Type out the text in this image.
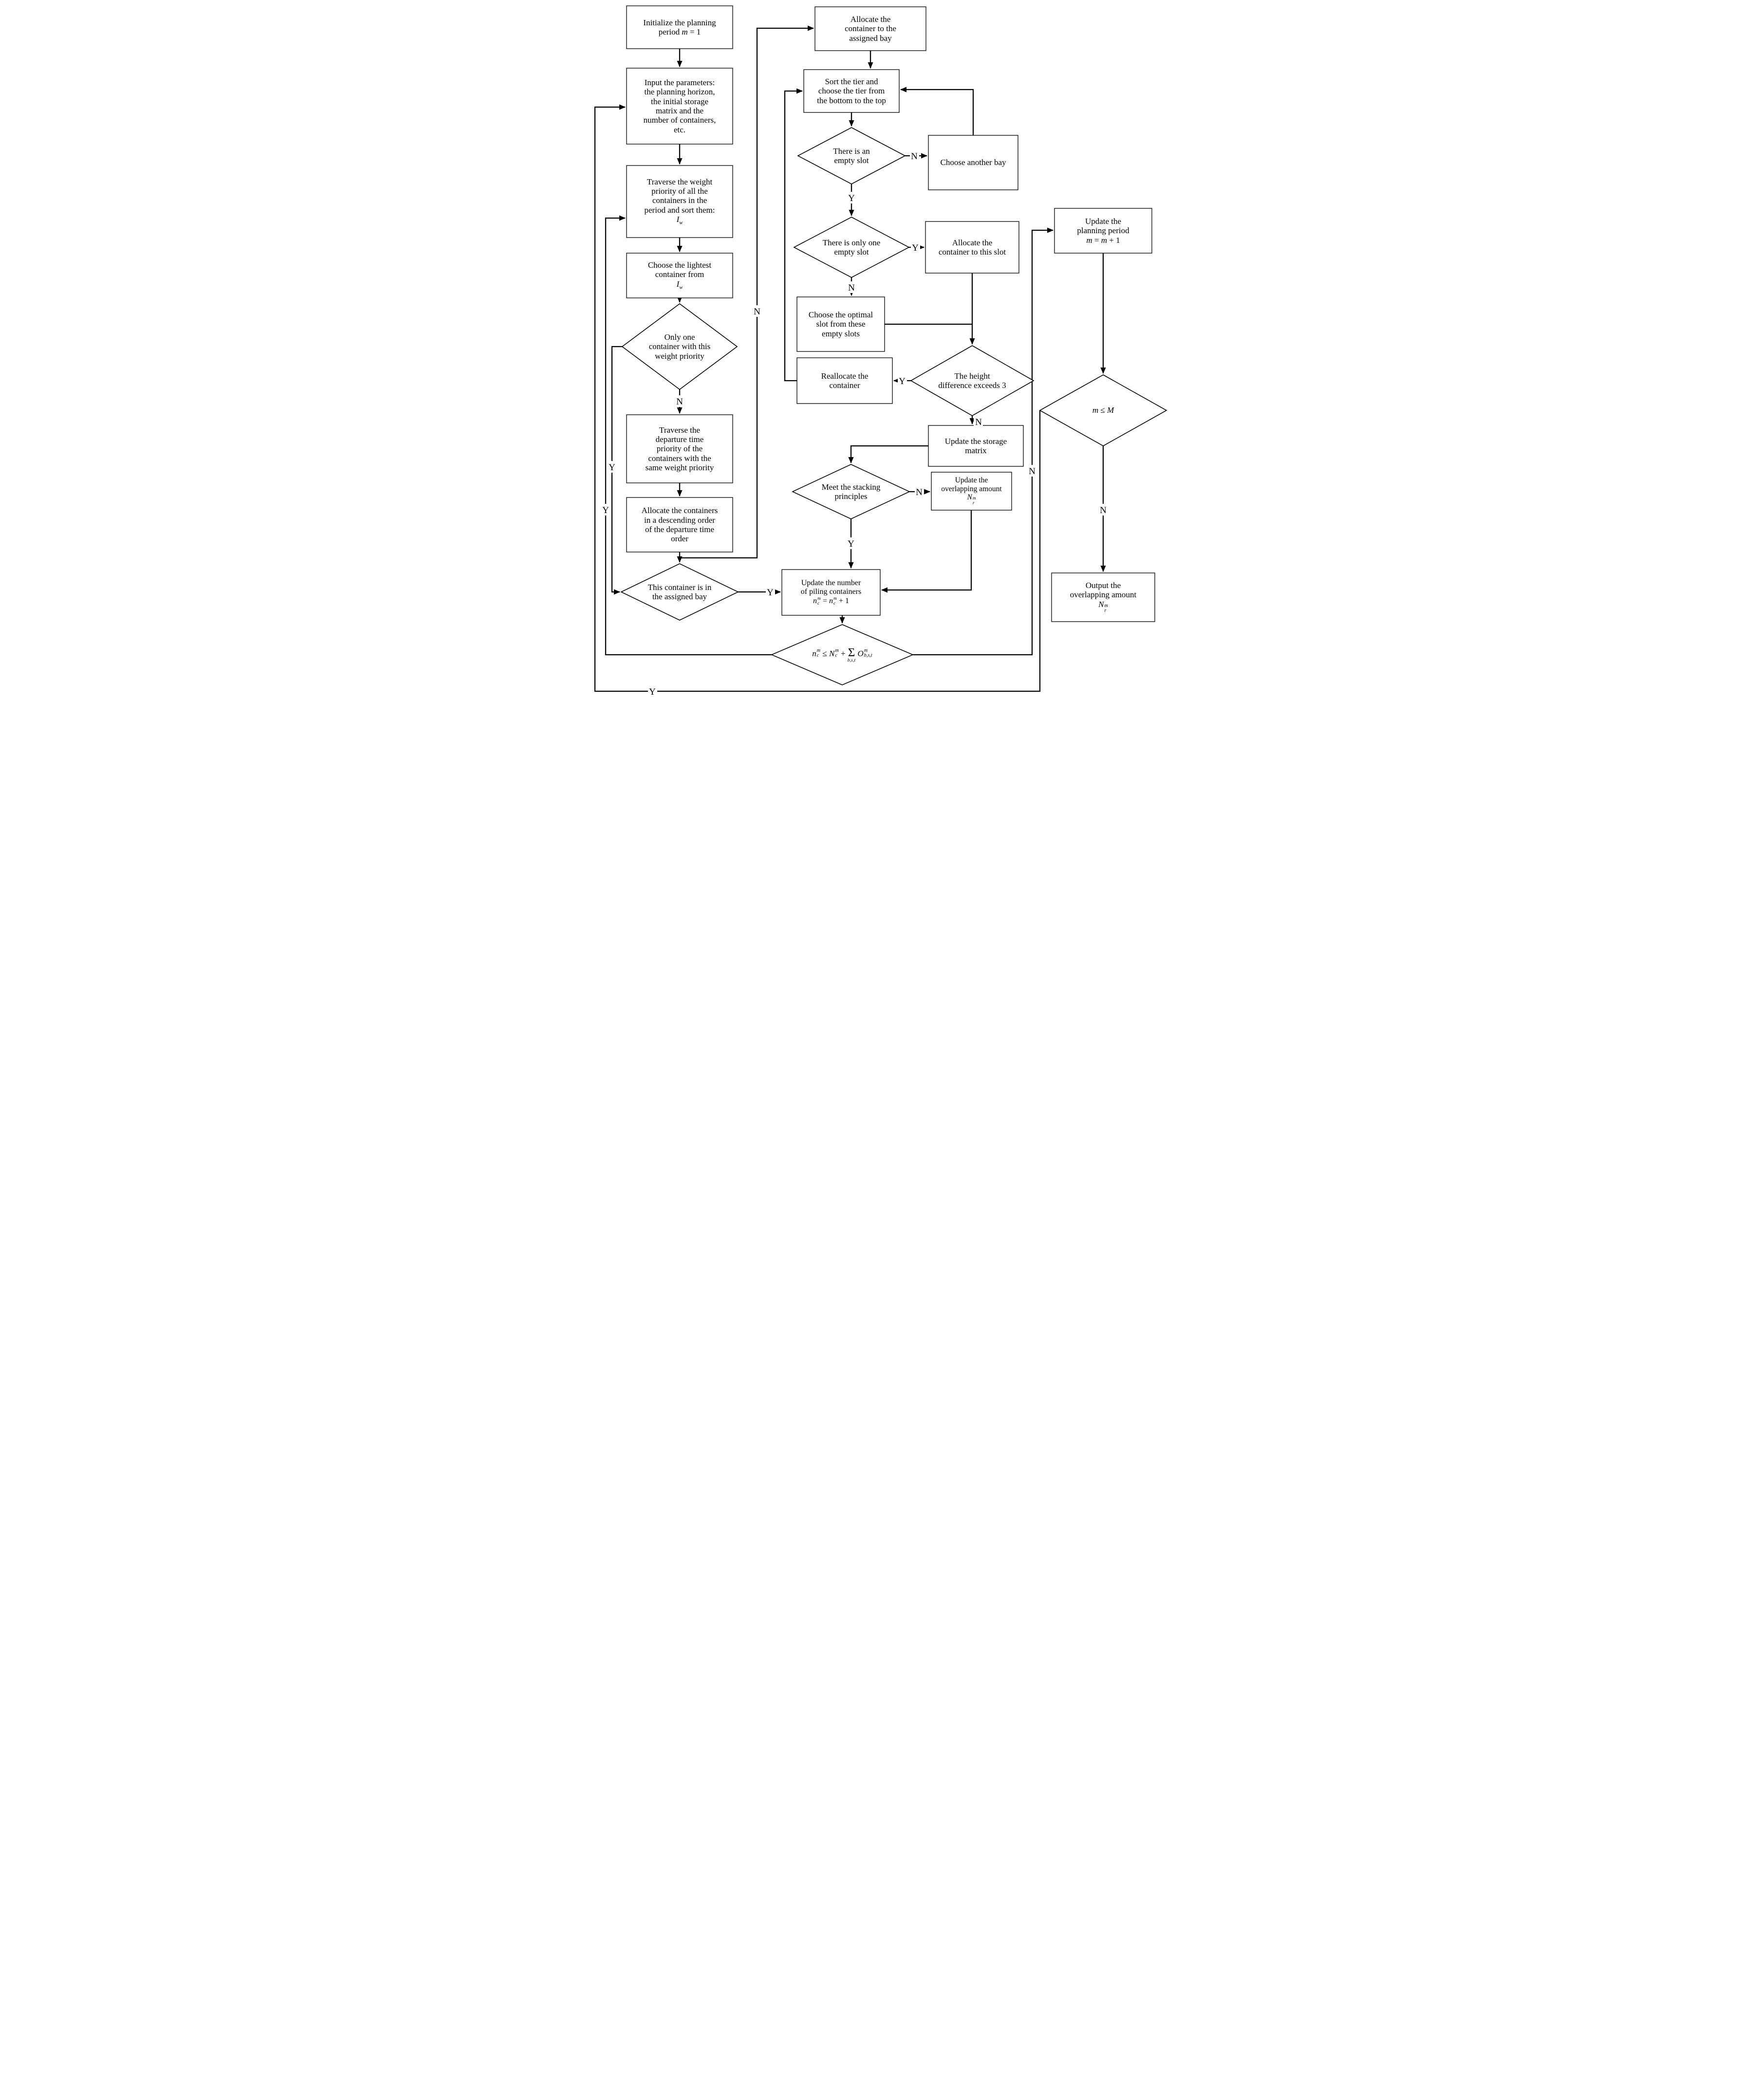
Initialize the planning
period m = 1
Input the parameters:
the planning horizon,
the initial storage
matrix and the
number of containers,
etc.
Traverse the weight
priority of all the
containers in the
period and sort them:
$I_w$
Choose the lightest
container from
$I_w$
Only one
container with this
weight priority
Traverse the
departure time
priority of the
containers with the
same weight priority
Allocate the containers
in a descending order
of the departure time
order
This container is in
the assigned bay
Allocate the
container to the
assigned bay
Sort the tier and
choose the tier from
the bottom to the top
There is an
empty slot	Choose another bay
There is only one
empty slot
Allocate the
container to this slot
Choose the optimal
slot from these
empty slots
The height
difference exceeds 3
Reallocate the
container
Update the storage
matrix
Meet the stacking
principles
Update the
overlapping amount
N m
r
Update the number
of piling containers
n m
c = n m
c + 1
n m
c ≤ N m
c + Σ
b,s,t

O m
b,s,t
Update the
planning period
m = m + 1
m ≤ M
Output the
overlapping amount
N m
r
N
Y
N
Y
N
Y
Y
N
Y
N
N
Y
Y
N
N
Y
